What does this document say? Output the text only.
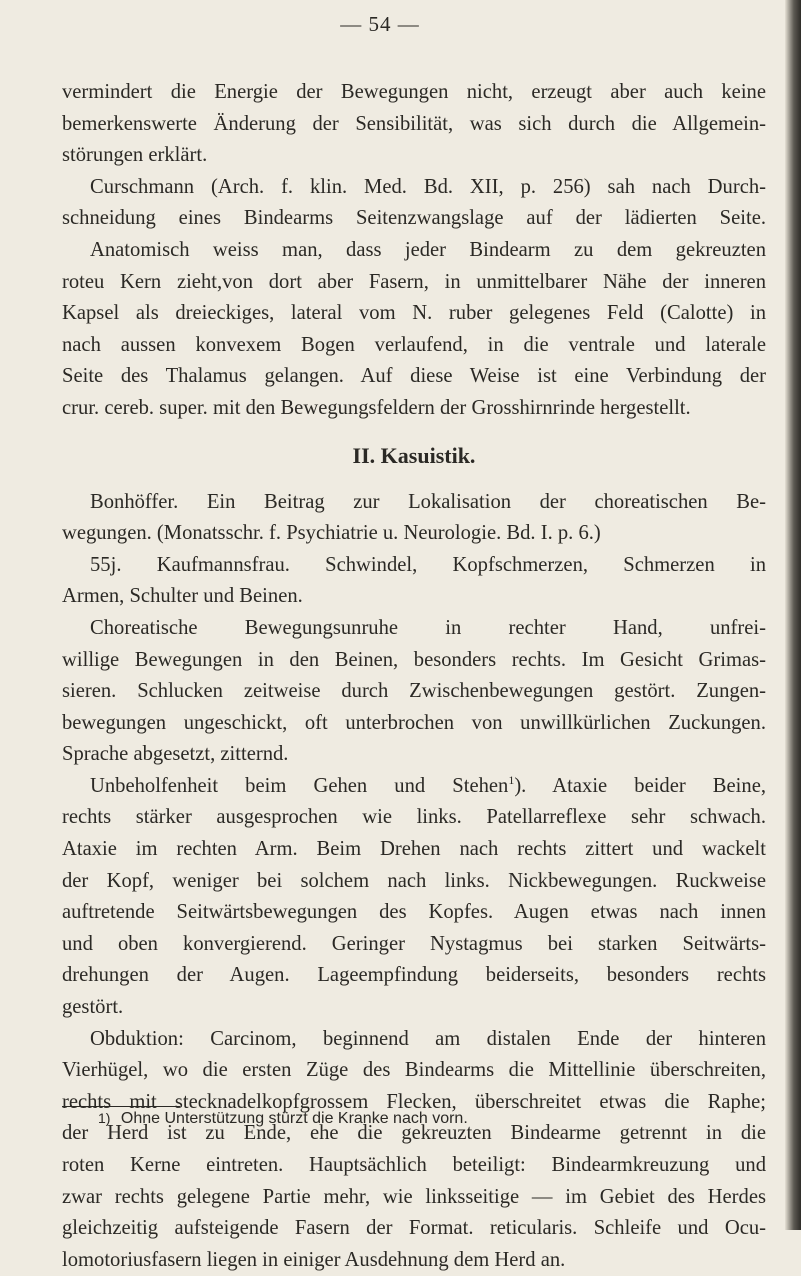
— 54 —
vermindert die Energie der Bewegungen nicht, erzeugt aber auch keine
bemerkenswerte Änderung der Sensibilität, was sich durch die Allgemein-
störungen erklärt.
Curschmann (Arch. f. klin. Med. Bd. XII, p. 256) sah nach Durch-
schneidung eines Bindearms Seitenzwangslage auf der lädierten Seite.
Anatomisch weiss man, dass jeder Bindearm zu dem gekreuzten
roteu Kern zieht,von dort aber Fasern, in unmittelbarer Nähe der inneren
Kapsel als dreieckiges, lateral vom N. ruber gelegenes Feld (Calotte) in
nach aussen konvexem Bogen verlaufend, in die ventrale und laterale
Seite des Thalamus gelangen. Auf diese Weise ist eine Verbindung der
crur. cereb. super. mit den Bewegungsfeldern der Grosshirnrinde hergestellt.
II. Kasuistik.
Bonhöffer. Ein Beitrag zur Lokalisation der choreatischen Be-
wegungen. (Monatsschr. f. Psychiatrie u. Neurologie. Bd. I. p. 6.)
55j. Kaufmannsfrau. Schwindel, Kopfschmerzen, Schmerzen in
Armen, Schulter und Beinen.
Choreatische Bewegungsunruhe in rechter Hand, unfrei-
willige Bewegungen in den Beinen, besonders rechts. Im Gesicht Grimas-
sieren. Schlucken zeitweise durch Zwischenbewegungen gestört. Zungen-
bewegungen ungeschickt, oft unterbrochen von unwillkürlichen Zuckungen.
Sprache abgesetzt, zitternd.
Unbeholfenheit beim Gehen und Stehen$^1$). Ataxie beider Beine,
rechts stärker ausgesprochen wie links. Patellarreflexe sehr schwach.
Ataxie im rechten Arm. Beim Drehen nach rechts zittert und wackelt
der Kopf, weniger bei solchem nach links. Nickbewegungen. Ruckweise
auftretende Seitwärtsbewegungen des Kopfes. Augen etwas nach innen
und oben konvergierend. Geringer Nystagmus bei starken Seitwärts-
drehungen der Augen. Lageempfindung beiderseits, besonders rechts
gestört.
Obduktion: Carcinom, beginnend am distalen Ende der hinteren
Vierhügel, wo die ersten Züge des Bindearms die Mittellinie überschreiten,
rechts mit stecknadelkopfgrossem Flecken, überschreitet etwas die Raphe;
der Herd ist zu Ende, ehe die gekreuzten Bindearme getrennt in die
roten Kerne eintreten. Hauptsächlich beteiligt: Bindearmkreuzung und
zwar rechts gelegene Partie mehr, wie linksseitige — im Gebiet des Herdes
gleichzeitig aufsteigende Fasern der Format. reticularis. Schleife und Ocu-
lomotoriusfasern liegen in einiger Ausdehnung dem Herd an.
1) Ohne Unterstützung stürzt die Kranke nach vorn.
